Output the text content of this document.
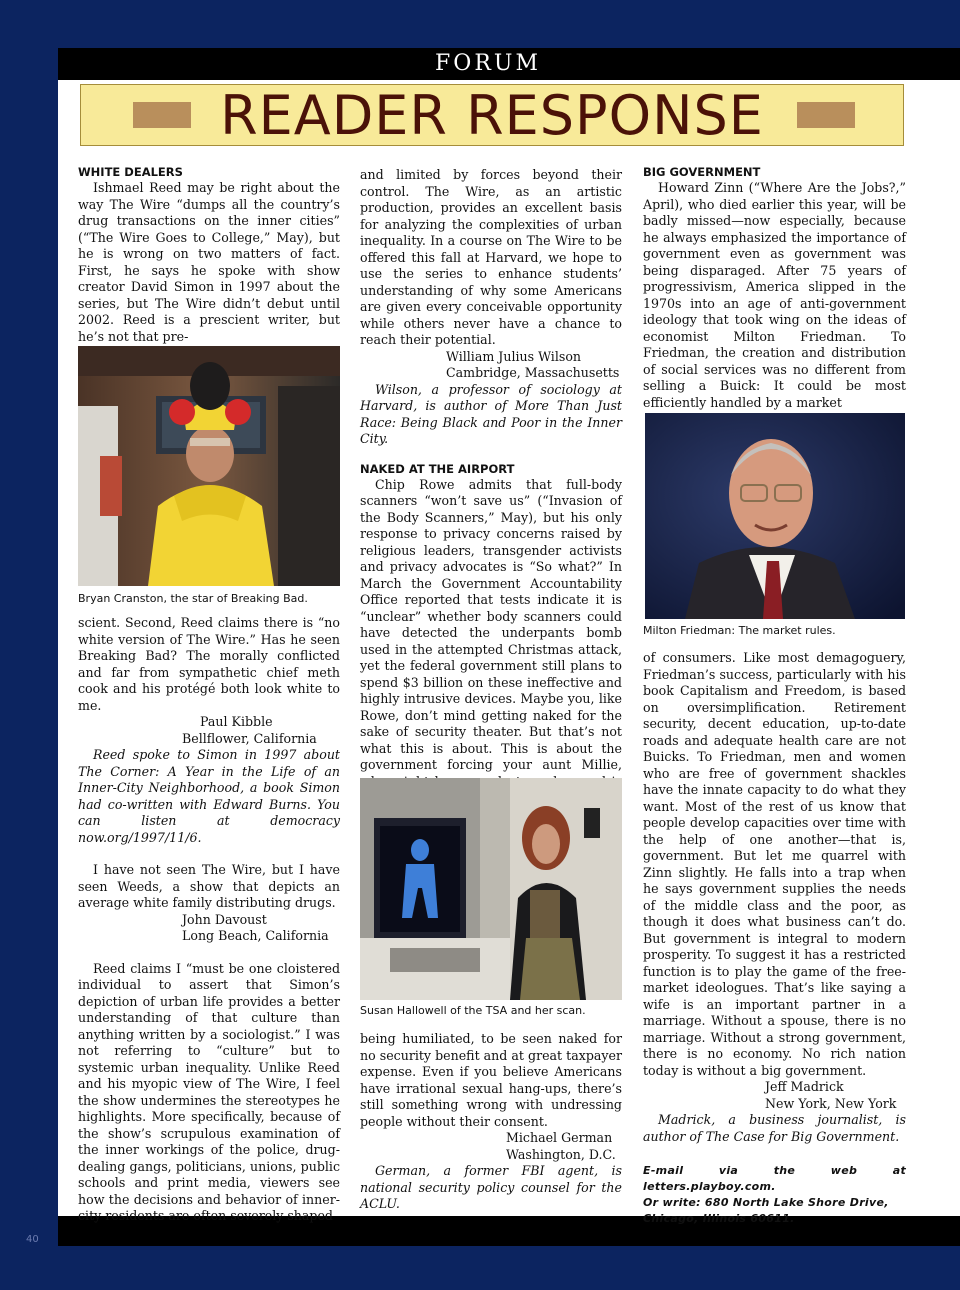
FORUM
40
READER RESPONSE

WHITE DEALERS

Ishmael Reed may be right about the way The Wire “dumps all the country’s drug transactions on the inner cities” (“The Wire Goes to College,” May), but he is wrong on two matters of fact. First, he says he spoke with show creator David Simon in 1997 about the series, but The Wire didn’t debut until 2002. Reed is a prescient writer, but he’s not that pre-

Bryan Cranston, the star of Breaking Bad.

scient. Second, Reed claims there is “no white version of The Wire.” Has he seen Breaking Bad? The morally conflicted and far from sympathetic chief meth cook and his protégé both look white to me.

Paul Kibble

Bellflower, California

Reed spoke to Simon in 1997 about The Corner: A Year in the Life of an Inner-City Neighborhood, a book Simon had co-written with Edward Burns. You can listen at democracy now.org/1997/11/6.

I have not seen The Wire, but I have seen Weeds, a show that depicts an average white family distributing drugs.

John Davoust

Long Beach, California

Reed claims I “must be one cloistered individual to assert that Simon’s depiction of urban life provides a better understanding of that culture than anything written by a sociologist.” I was not referring to “culture” but to systemic urban inequality. Unlike Reed and his myopic view of The Wire, I feel the show undermines the stereotypes he highlights. More specifically, because of the show’s scrupulous examination of the inner workings of the police, drug-dealing gangs, politicians, unions, public schools and print media, viewers see how the decisions and behavior of inner-city residents are often severely shaped

and limited by forces beyond their control. The Wire, as an artistic production, provides an excellent basis for analyzing the complexities of urban inequality. In a course on The Wire to be offered this fall at Harvard, we hope to use the series to enhance students’ understanding of why some Americans are given every conceivable opportunity while others never have a chance to reach their potential.

William Julius Wilson

Cambridge, Massachusetts

Wilson, a professor of sociology at Harvard, is author of More Than Just Race: Being Black and Poor in the Inner City.

NAKED AT THE AIRPORT

Chip Rowe admits that full-body scanners “won’t save us” (“Invasion of the Body Scanners,” May), but his only response to privacy concerns raised by religious leaders, transgender activists and privacy advocates is “So what?” In March the Government Accountability Office reported that tests indicate it is “unclear” whether body scanners could have detected the underpants bomb used in the attempted Christmas attack, yet the federal government still plans to spend $3 billion on these ineffective and highly intrusive devices. Maybe you, like Rowe, don’t mind getting naked for the sake of security theater. But that’s not what this is about. This is about the government forcing your aunt Millie,

Susan Hallowell of the TSA and her scan.

being humiliated, to be seen naked for no security benefit and at great taxpayer expense. Even if you believe Americans have irrational sexual hang-ups, there’s still something wrong with undressing people without their consent.

Michael German

Washington, D.C.

German, a former FBI agent, is national security policy counsel for the ACLU.

BIG GOVERNMENT

Howard Zinn (“Where Are the Jobs?,” April), who died earlier this year, will be badly missed—now especially, because he always emphasized the importance of government even as government was being disparaged. After 75 years of progressivism, America slipped in the 1970s into an age of anti-government ideology that took wing on the ideas of economist Milton Friedman. To Friedman, the creation and distribution of social services was no different from selling a Buick: It could be most efficiently handled by a market

Milton Friedman: The market rules.

of consumers. Like most demagoguery, Friedman’s success, particularly with his book Capitalism and Freedom, is based on oversimplification. Retirement security, decent education, up-to-date roads and adequate health care are not Buicks. To Friedman, men and women who are free of government shackles have the innate capacity to do what they want. Most of the rest of us know that people develop capacities over time with the help of one another—that is, government. But let me quarrel with Zinn slightly. He falls into a trap when he says government supplies the needs of the middle class and the poor, as though it does what business can’t do. But government is integral to modern prosperity. To suggest it has a restricted function is to play the game of the free-market ideologues. That’s like saying a wife is an important partner in a marriage. Without a spouse, there is no marriage. Without a strong government, there is no economy. No rich nation today is without a big government.

Jeff Madrick

New York, New York

Madrick, a business journalist, is author of The Case for Big Government.

E-mail via the web at letters.playboy.com.

Or write: 680 North Lake Shore Drive,

Chicago, Illinois 60611.
